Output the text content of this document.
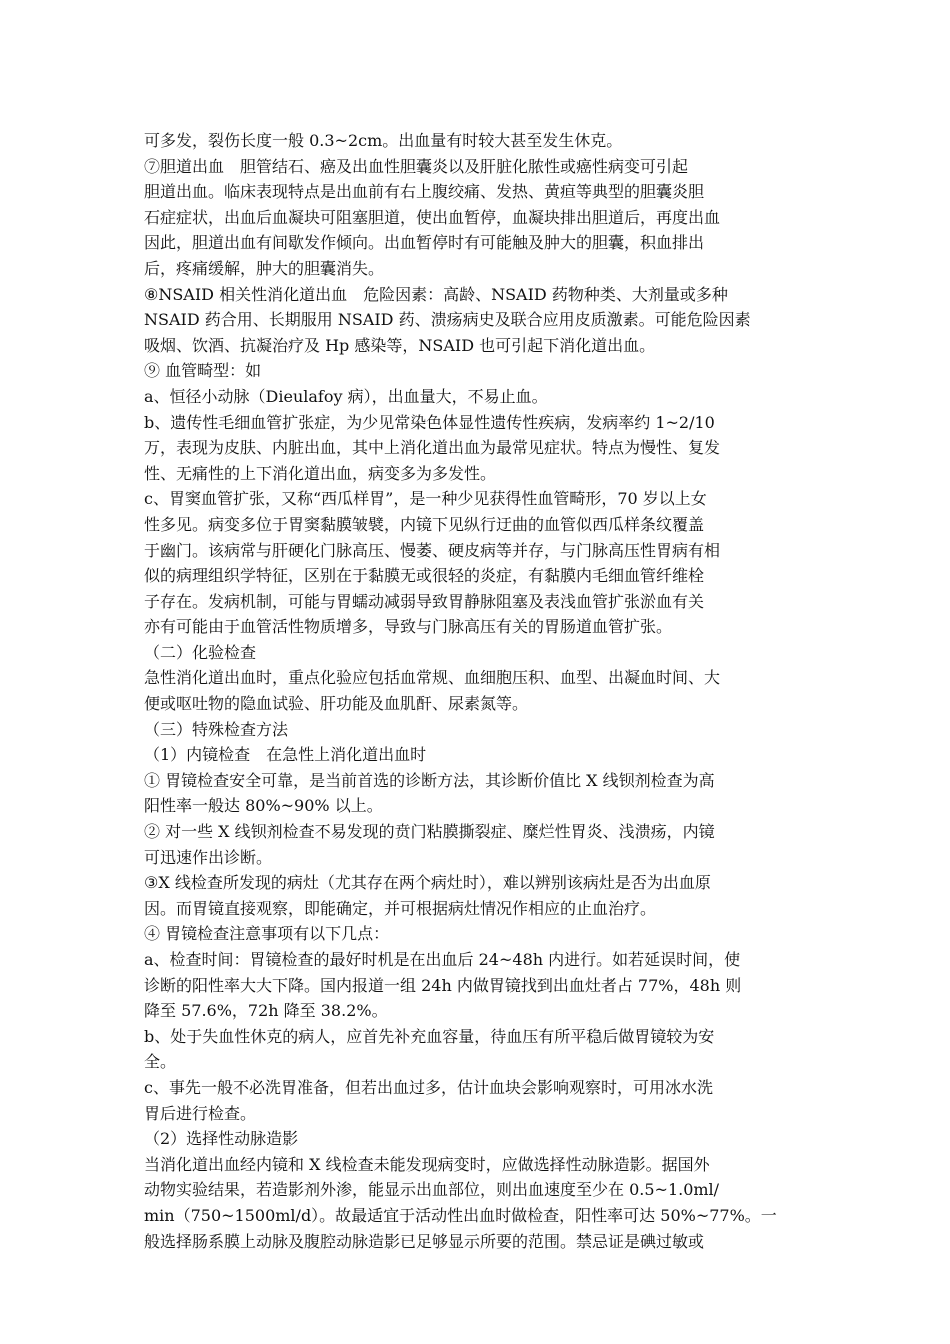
可多发，裂伤长度一般 0.3~2cm。出血量有时较大甚至发生休克。
⑦胆道出血　胆管结石、癌及出血性胆囊炎以及肝脏化脓性或癌性病变可引起
胆道出血。临床表现特点是出血前有右上腹绞痛、发热、黄疸等典型的胆囊炎胆
石症症状，出血后血凝块可阻塞胆道，使出血暂停，血凝块排出胆道后，再度出血
因此，胆道出血有间歇发作倾向。出血暂停时有可能触及肿大的胆囊，积血排出
后，疼痛缓解，肿大的胆囊消失。
⑧NSAID 相关性消化道出血　危险因素：高龄、NSAID 药物种类、大剂量或多种
NSAID 药合用、长期服用 NSAID 药、溃疡病史及联合应用皮质激素。可能危险因素
吸烟、饮酒、抗凝治疗及 Hp 感染等，NSAID 也可引起下消化道出血。
⑨ 血管畸型：如
a、恒径小动脉（Dieulafoy 病），出血量大，不易止血。
b、遗传性毛细血管扩张症，为少见常染色体显性遗传性疾病，发病率约 1~2/10
万，表现为皮肤、内脏出血，其中上消化道出血为最常见症状。特点为慢性、复发
性、无痛性的上下消化道出血，病变多为多发性。
c、胃窦血管扩张，又称“西瓜样胃”，是一种少见获得性血管畸形，70 岁以上女
性多见。病变多位于胃窦黏膜皱襞，内镜下见纵行迂曲的血管似西瓜样条纹覆盖
于幽门。该病常与肝硬化门脉高压、慢萎、硬皮病等并存，与门脉高压性胃病有相
似的病理组织学特征，区别在于黏膜无或很轻的炎症，有黏膜内毛细血管纤维栓
子存在。发病机制，可能与胃蠕动减弱导致胃静脉阻塞及表浅血管扩张淤血有关
亦有可能由于血管活性物质增多，导致与门脉高压有关的胃肠道血管扩张。
（二）化验检查
急性消化道出血时，重点化验应包括血常规、血细胞压积、血型、出凝血时间、大
便或呕吐物的隐血试验、肝功能及血肌酐、尿素氮等。
（三）特殊检查方法
（1）内镜检查　在急性上消化道出血时
① 胃镜检查安全可靠，是当前首选的诊断方法，其诊断价值比 X 线钡剂检查为高
阳性率一般达 80%~90% 以上。
② 对一些 X 线钡剂检查不易发现的贲门粘膜撕裂症、糜烂性胃炎、浅溃疡，内镜
可迅速作出诊断。
③X 线检查所发现的病灶（尤其存在两个病灶时），难以辨别该病灶是否为出血原
因。而胃镜直接观察，即能确定，并可根据病灶情况作相应的止血治疗。
④ 胃镜检查注意事项有以下几点：
a、检查时间：胃镜检查的最好时机是在出血后 24~48h 内进行。如若延误时间，使
诊断的阳性率大大下降。国内报道一组 24h 内做胃镜找到出血灶者占 77%，48h 则
降至 57.6%，72h 降至 38.2%。
b、处于失血性休克的病人，应首先补充血容量，待血压有所平稳后做胃镜较为安
全。
c、事先一般不必洗胃准备，但若出血过多，估计血块会影响观察时，可用冰水洗
胃后进行检查。
（2）选择性动脉造影
当消化道出血经内镜和 X 线检查未能发现病变时，应做选择性动脉造影。据国外
动物实验结果，若造影剂外渗，能显示出血部位，则出血速度至少在 0.5~1.0ml/
min（750~1500ml/d）。故最适宜于活动性出血时做检查，阳性率可达 50%~77%。一
般选择肠系膜上动脉及腹腔动脉造影已足够显示所要的范围。禁忌证是碘过敏或
